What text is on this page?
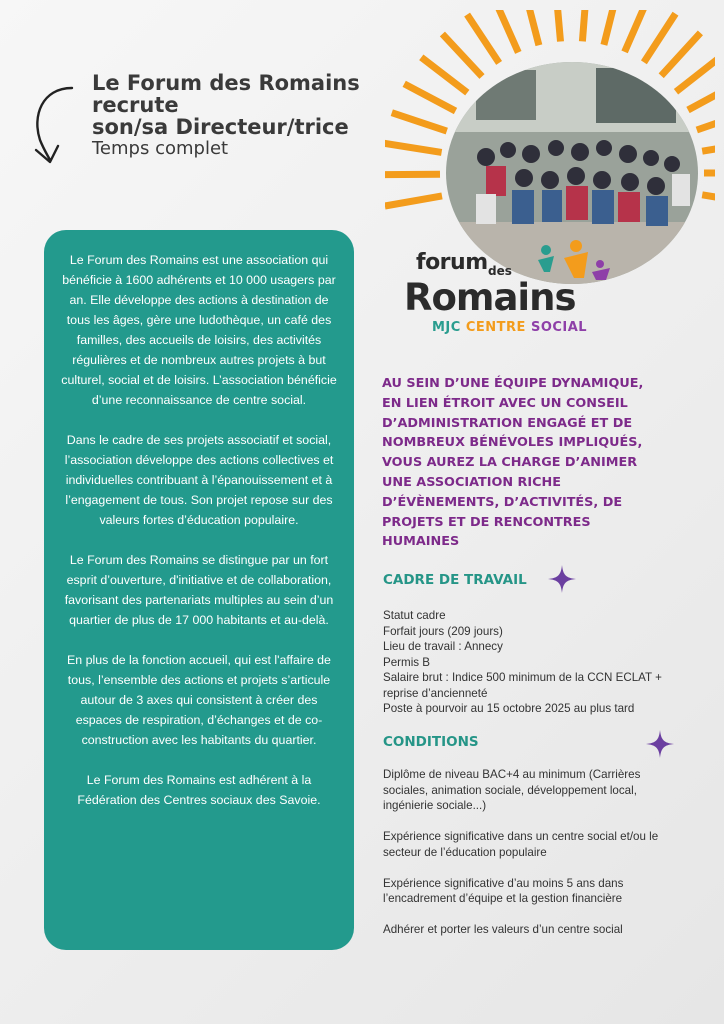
Le Forum des Romains
recrute
son/sa Directeur/trice
Temps complet
forum des
Romains
MJC CENTRE SOCIAL

Le Forum des Romains est une association qui bénéficie à 1600 adhérents et 10 000 usagers par an. Elle développe des actions à destination de tous les âges, gère une ludothèque, un café des familles, des accueils de loisirs, des activités régulières et de nombreux autres projets à but culturel, social et de loisirs. L’association bénéficie d’une reconnaissance de centre social.

Dans le cadre de ses projets associatif et social, l’association développe des actions collectives et individuelles contribuant à l’épanouissement et à l’engagement de tous. Son projet repose sur des valeurs fortes d’éducation populaire.

Le Forum des Romains se distingue par un fort esprit d’ouverture, d'initiative et de collaboration, favorisant des partenariats multiples au sein d’un quartier de plus de 17 000 habitants et au-delà.

En plus de la fonction accueil, qui est l'affaire de tous, l’ensemble des actions et projets s’articule autour de 3 axes qui consistent à créer des espaces de respiration, d’échanges et de co-construction avec les habitants du quartier.

Le Forum des Romains est adhérent à la Fédération des Centres sociaux des Savoie.

AU SEIN D’UNE ÉQUIPE DYNAMIQUE, EN LIEN ÉTROIT AVEC UN CONSEIL D’ADMINISTRATION ENGAGÉ ET DE NOMBREUX BÉNÉVOLES IMPLIQUÉS, VOUS AUREZ LA CHARGE D’ANIMER UNE ASSOCIATION RICHE D’ÉVÈNEMENTS, D’ACTIVITÉS, DE PROJETS ET DE RENCONTRES HUMAINES
CADRE DE TRAVAIL
Statut cadre
Forfait jours (209 jours)
Lieu de travail : Annecy
Permis B
Salaire brut : Indice 500 minimum de la CCN ECLAT + reprise d’ancienneté
Poste à pourvoir au 15 octobre 2025 au plus tard
CONDITIONS
Diplôme de niveau BAC+4 au minimum (Carrières sociales, animation sociale, développement local, ingénierie sociale...)
Expérience significative dans un centre social et/ou le secteur de l’éducation populaire
Expérience significative d’au moins 5 ans dans l’encadrement d’équipe et la gestion financière
Adhérer et porter les valeurs d’un centre social
